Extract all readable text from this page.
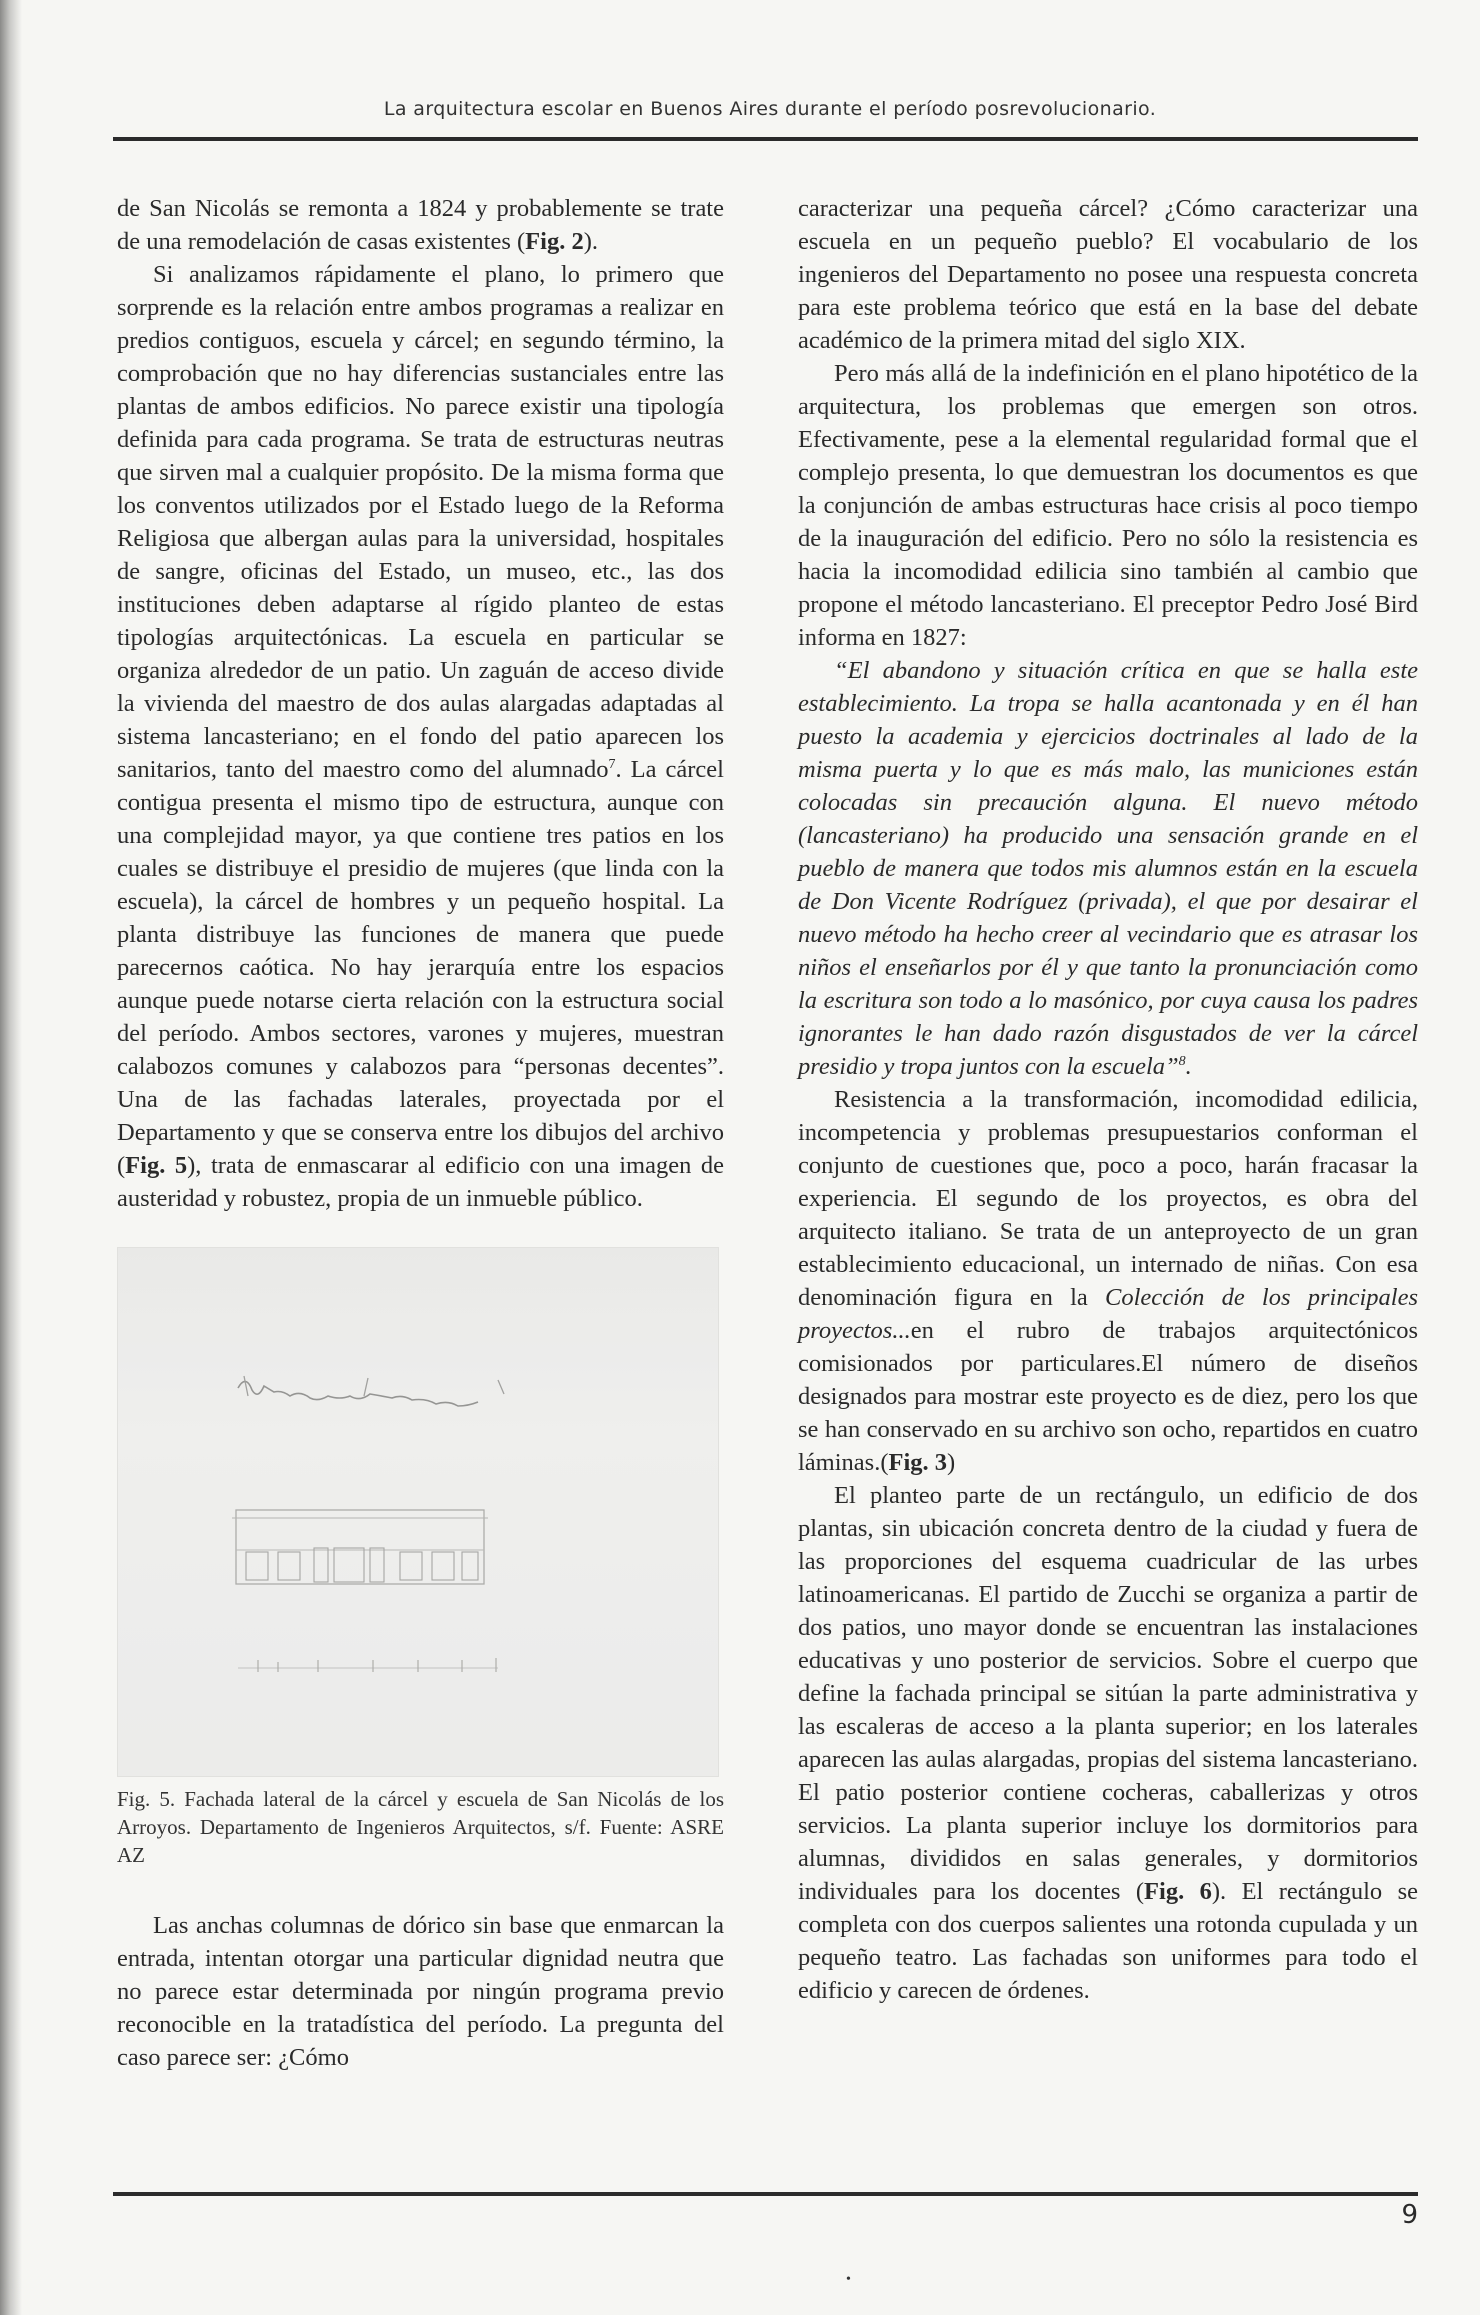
La arquitectura escolar en Buenos Aires durante el período posrevolucionario.

de San Nicolás se remonta a 1824 y probablemente se trate de una remodelación de casas existentes (Fig. 2).

Si analizamos rápidamente el plano, lo primero que sorprende es la relación entre ambos programas a realizar en predios contiguos, escuela y cárcel; en segundo término, la comprobación que no hay diferencias sustanciales entre las plantas de ambos edificios. No parece existir una tipología definida para cada programa. Se trata de estructuras neutras que sirven mal a cualquier propósito. De la misma forma que los conventos utilizados por el Estado luego de la Reforma Religiosa que albergan aulas para la universidad, hospitales de sangre, oficinas del Estado, un museo, etc., las dos instituciones deben adaptarse al rígido planteo de estas tipologías arquitectónicas. La escuela en particular se organiza alrededor de un patio. Un zaguán de acceso divide la vivienda del maestro de dos aulas alargadas adaptadas al sistema lancasteriano; en el fondo del patio aparecen los sanitarios, tanto del maestro como del alumnado$^7$. La cárcel contigua presenta el mismo tipo de estructura, aunque con una complejidad mayor, ya que contiene tres patios en los cuales se distribuye el presidio de mujeres (que linda con la escuela), la cárcel de hombres y un pequeño hospital. La planta distribuye las funciones de manera que puede parecernos caótica. No hay jerarquía entre los espacios aunque puede notarse cierta relación con la estructura social del período. Ambos sectores, varones y mujeres, muestran calabozos comunes y calabozos para “personas decentes”. Una de las fachadas laterales, proyectada por el Departamento y que se conserva entre los dibujos del archivo (Fig. 5), trata de enmascarar al edificio con una imagen de austeridad y robustez, propia de un inmueble público.

Fig. 5. Fachada lateral de la cárcel y escuela de San Nicolás de los Arroyos. Departamento de Ingenieros Arquitectos, s/f. Fuente: ASRE AZ

Las anchas columnas de dórico sin base que enmarcan la entrada, intentan otorgar una particular dignidad neutra que no parece estar determinada por ningún programa previo reconocible en la tratadística del período. La pregunta del caso parece ser: ¿Cómo

caracterizar una pequeña cárcel? ¿Cómo caracterizar una escuela en un pequeño pueblo? El vocabulario de los ingenieros del Departamento no posee una respuesta concreta para este problema teórico que está en la base del debate académico de la primera mitad del siglo XIX.

Pero más allá de la indefinición en el plano hipotético de la arquitectura, los problemas que emergen son otros. Efectivamente, pese a la elemental regularidad formal que el complejo presenta, lo que demuestran los documentos es que la conjunción de ambas estructuras hace crisis al poco tiempo de la inauguración del edificio. Pero no sólo la resistencia es hacia la incomodidad edilicia sino también al cambio que propone el método lancasteriano. El preceptor Pedro José Bird informa en 1827:

“El abandono y situación crítica en que se halla este establecimiento. La tropa se halla acantonada y en él han puesto la academia y ejercicios doctrinales al lado de la misma puerta y lo que es más malo, las municiones están colocadas sin precaución alguna. El nuevo método (lancasteriano) ha producido una sensación grande en el pueblo de manera que todos mis alumnos están en la escuela de Don Vicente Rodríguez (privada), el que por desairar el nuevo método ha hecho creer al vecindario que es atrasar los niños el enseñarlos por él y que tanto la pronunciación como la escritura son todo a lo masónico, por cuya causa los padres ignorantes le han dado razón disgustados de ver la cárcel presidio y tropa juntos con la escuela”$^8$.

Resistencia a la transformación, incomodidad edilicia, incompetencia y problemas presupuestarios conforman el conjunto de cuestiones que, poco a poco, harán fracasar la experiencia. El segundo de los proyectos, es obra del arquitecto italiano. Se trata de un anteproyecto de un gran establecimiento educacional, un internado de niñas. Con esa denominación figura en la Colección de los principales proyectos...en el rubro de trabajos arquitectónicos comisionados por particulares.El número de diseños designados para mostrar este proyecto es de diez, pero los que se han conservado en su archivo son ocho, repartidos en cuatro láminas.(Fig. 3)

El planteo parte de un rectángulo, un edificio de dos plantas, sin ubicación concreta dentro de la ciudad y fuera de las proporciones del esquema cuadricular de las urbes latinoamericanas. El partido de Zucchi se organiza a partir de dos patios, uno mayor donde se encuentran las instalaciones educativas y uno posterior de servicios. Sobre el cuerpo que define la fachada principal se sitúan la parte administrativa y las escaleras de acceso a la planta superior; en los laterales aparecen las aulas alargadas, propias del sistema lancasteriano. El patio posterior contiene cocheras, caballerizas y otros servicios. La planta superior incluye los dormitorios para alumnas, divididos en salas generales, y dormitorios individuales para los docentes (Fig. 6). El rectángulo se completa con dos cuerpos salientes una rotonda cupulada y un pequeño teatro. Las fachadas son uniformes para todo el edificio y carecen de órdenes.

9
•
